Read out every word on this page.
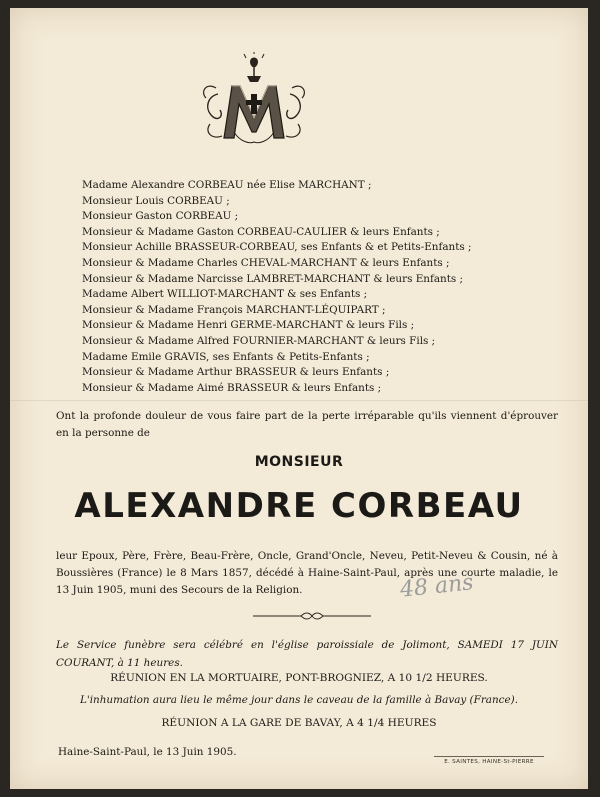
Madame Alexandre CORBEAU née Elise MARCHANT ;
Monsieur Louis CORBEAU ;
Monsieur Gaston CORBEAU ;
Monsieur & Madame Gaston CORBEAU-CAULIER & leurs Enfants ;
Monsieur Achille BRASSEUR-CORBEAU, ses Enfants & et Petits-Enfants ;
Monsieur & Madame Charles CHEVAL-MARCHANT & leurs Enfants ;
Monsieur & Madame Narcisse LAMBRET-MARCHANT & leurs Enfants ;
Madame Albert WILLIOT-MARCHANT & ses Enfants ;
Monsieur & Madame François MARCHANT-LÉQUIPART ;
Monsieur & Madame Henri GERME-MARCHANT & leurs Fils ;
Monsieur & Madame Alfred FOURNIER-MARCHANT & leurs Fils ;
Madame Emile GRAVIS, ses Enfants & Petits-Enfants ;
Monsieur & Madame Arthur BRASSEUR & leurs Enfants ;
Monsieur & Madame Aimé BRASSEUR & leurs Enfants ;
Ont la profonde douleur de vous faire part de la perte irréparable qu'ils viennent d'éprouver en la personne de
MONSIEUR
ALEXANDRE CORBEAU
leur Epoux, Père, Frère, Beau-Frère, Oncle, Grand'Oncle, Neveu, Petit-Neveu & Cousin, né à Boussières (France) le 8 Mars 1857, décédé à Haine-Saint-Paul, après une courte maladie, le 13 Juin 1905, muni des Secours de la Religion.	48 ans
Le Service funèbre sera célébré en l'église paroissiale de Jolimont, SAMEDI 17 JUIN COURANT, à 11 heures.
RÉUNION EN LA MORTUAIRE, PONT-BROGNIEZ, A 10 1/2 HEURES.
L'inhumation aura lieu le même jour dans le caveau de la famille à Bavay (France).
RÉUNION A LA GARE DE BAVAY, A 4 1/4 HEURES
Haine-Saint-Paul, le 13 Juin 1905.
E. SAINTES, HAINE-St-PIERRE
